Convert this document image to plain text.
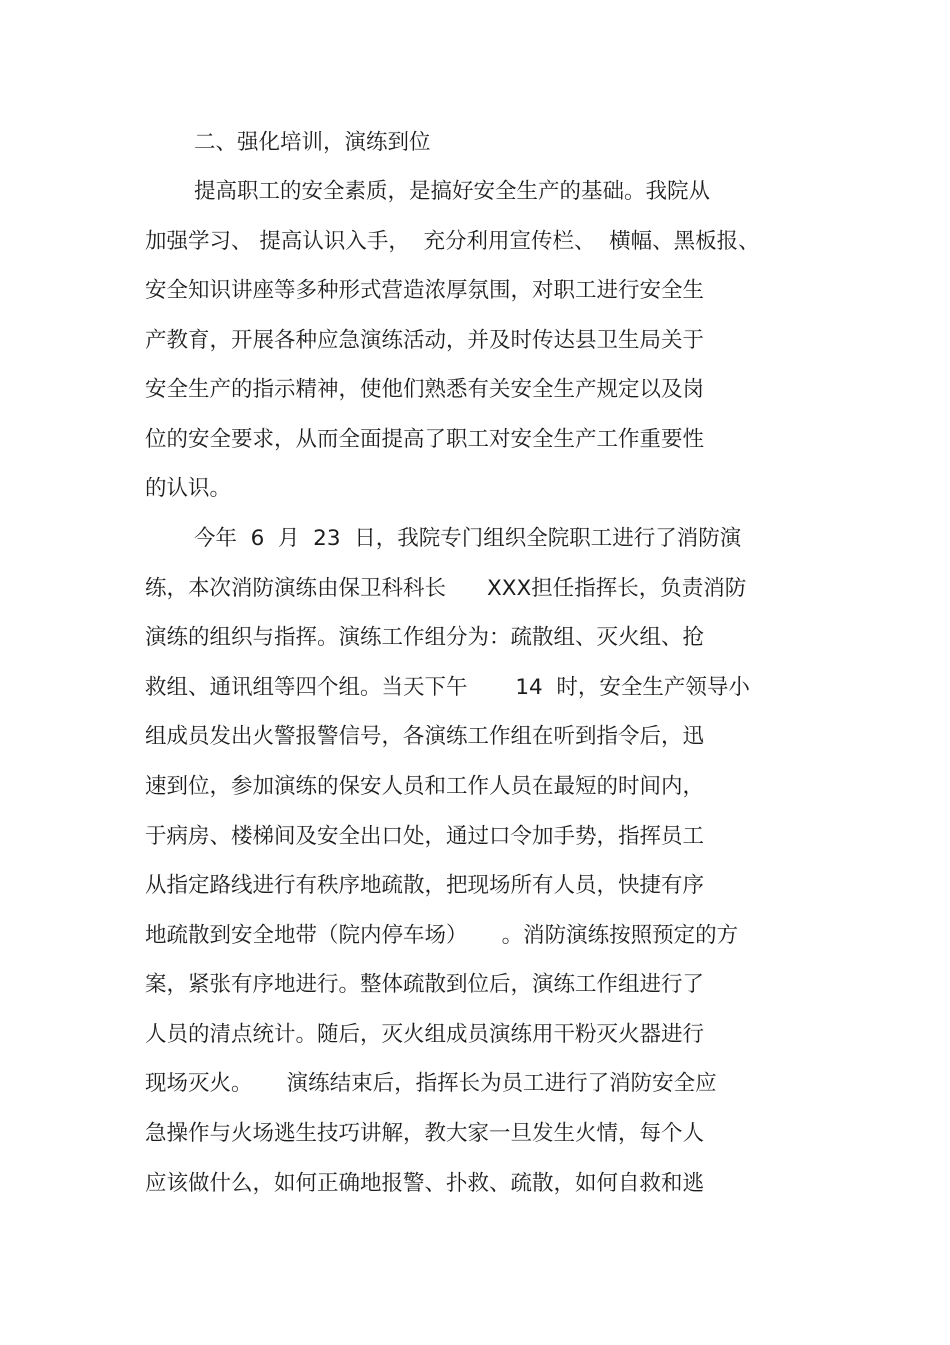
二、强化培训，演练到位

提高职工的安全素质，是搞好安全生产的基础。我院从

加强学习、 提高认识入手，  充分利用宣传栏、  横幅、黑板报、

安全知识讲座等多种形式营造浓厚氛围，对职工进行安全生

产教育，开展各种应急演练活动，并及时传达县卫生局关于

安全生产的指示精神，使他们熟悉有关安全生产规定以及岗

位的安全要求，从而全面提高了职工对安全生产工作重要性

的认识。

今年  6  月  23  日，我院专门组织全院职工进行了消防演

练，本次消防演练由保卫科科长      XXX担任指挥长，负责消防

演练的组织与指挥。演练工作组分为：疏散组、灭火组、抢

救组、通讯组等四个组。当天下午       14  时，安全生产领导小

组成员发出火警报警信号，各演练工作组在听到指令后，迅

速到位，参加演练的保安人员和工作人员在最短的时间内，

于病房、楼梯间及安全出口处，通过口令加手势，指挥员工

从指定路线进行有秩序地疏散，把现场所有人员，快捷有序

地疏散到安全地带（院内停车场）     。消防演练按照预定的方

案，紧张有序地进行。整体疏散到位后，演练工作组进行了

人员的清点统计。随后，灭火组成员演练用干粉灭火器进行

现场灭火。     演练结束后，指挥长为员工进行了消防安全应

急操作与火场逃生技巧讲解，教大家一旦发生火情，每个人

应该做什么，如何正确地报警、扑救、疏散，如何自救和逃
